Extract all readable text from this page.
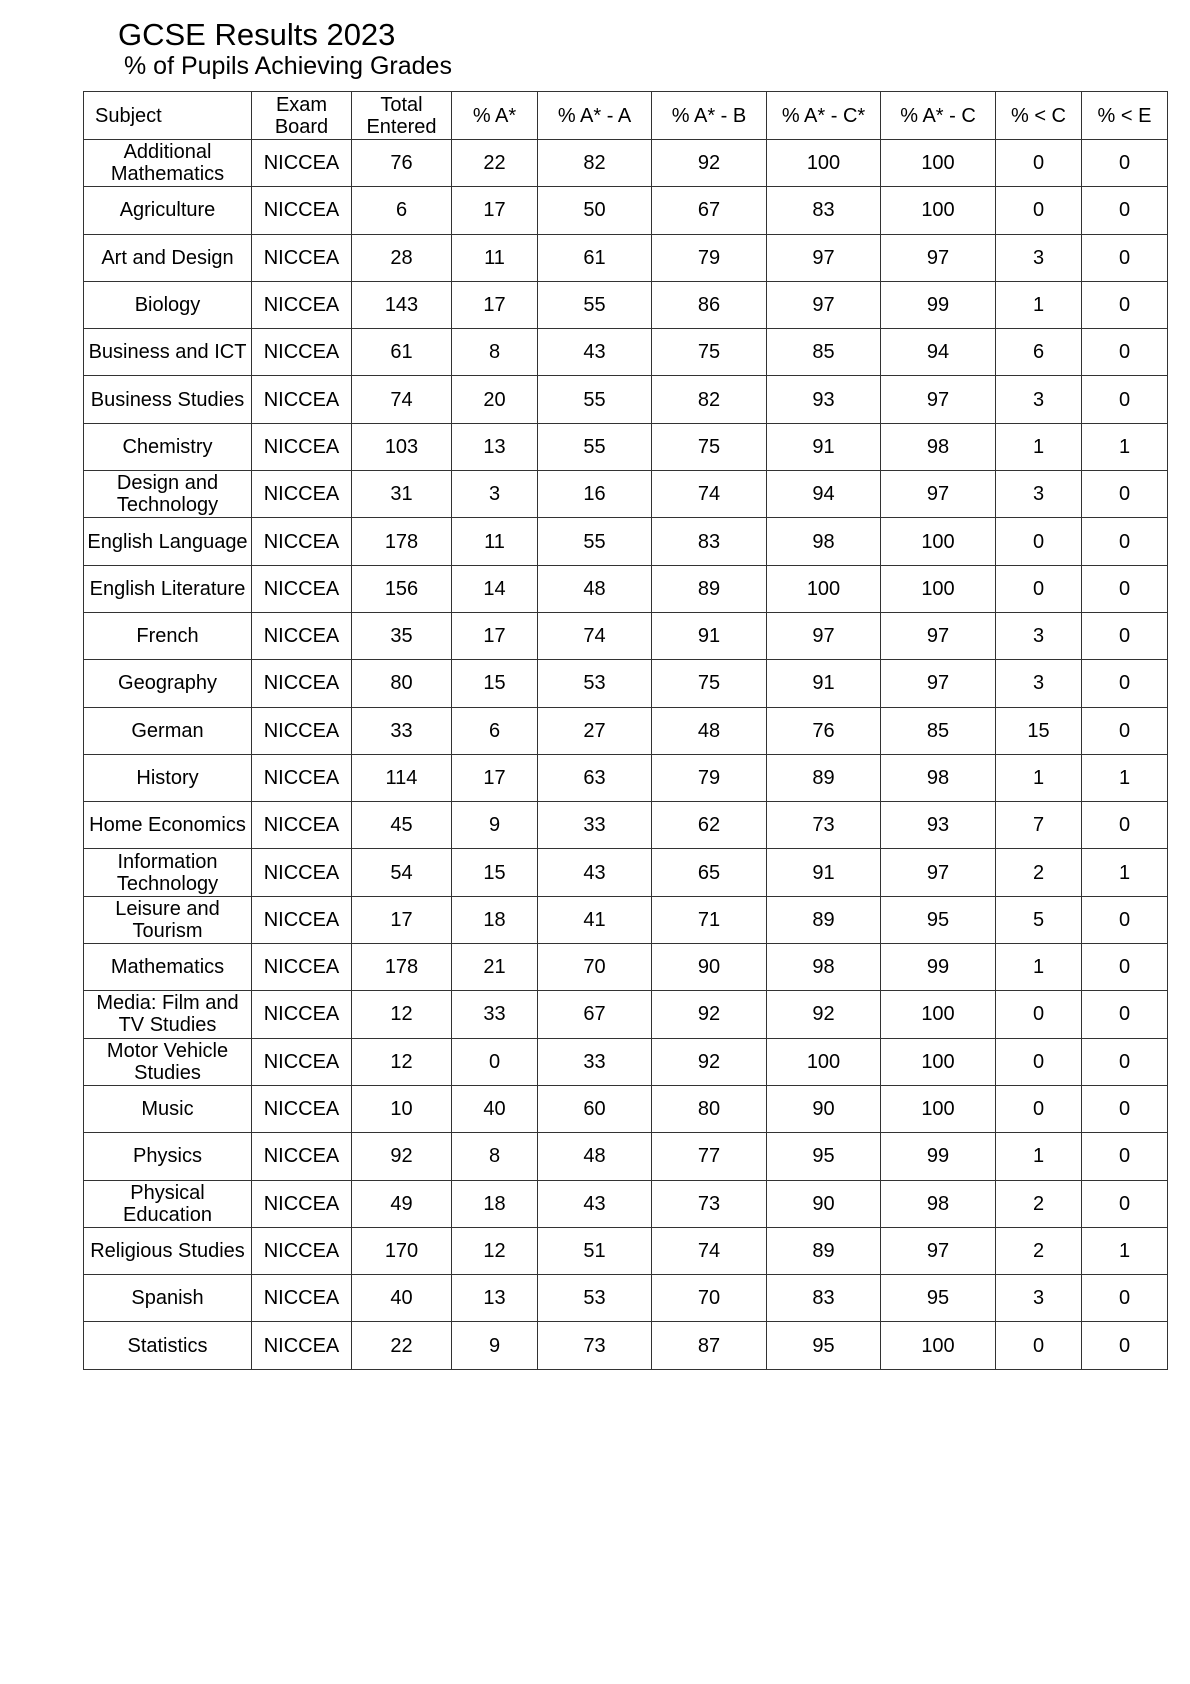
GCSE Results 2023
% of Pupils Achieving Grades
Subject	Exam Board	Total Entered	% A*	% A* - A	% A* - B	% A* - C*	% A* - C	% < C	% < E
Additional Mathematics	NICCEA	76	22	82	92	100	100	0	0
Agriculture	NICCEA	6	17	50	67	83	100	0	0
Art and Design	NICCEA	28	11	61	79	97	97	3	0
Biology	NICCEA	143	17	55	86	97	99	1	0
Business and ICT	NICCEA	61	8	43	75	85	94	6	0
Business Studies	NICCEA	74	20	55	82	93	97	3	0
Chemistry	NICCEA	103	13	55	75	91	98	1	1
Design and Technology	NICCEA	31	3	16	74	94	97	3	0
English Language	NICCEA	178	11	55	83	98	100	0	0
English Literature	NICCEA	156	14	48	89	100	100	0	0
French	NICCEA	35	17	74	91	97	97	3	0
Geography	NICCEA	80	15	53	75	91	97	3	0
German	NICCEA	33	6	27	48	76	85	15	0
History	NICCEA	114	17	63	79	89	98	1	1
Home Economics	NICCEA	45	9	33	62	73	93	7	0
Information Technology	NICCEA	54	15	43	65	91	97	2	1
Leisure and Tourism	NICCEA	17	18	41	71	89	95	5	0
Mathematics	NICCEA	178	21	70	90	98	99	1	0
Media: Film and TV Studies	NICCEA	12	33	67	92	92	100	0	0
Motor Vehicle Studies	NICCEA	12	0	33	92	100	100	0	0
Music	NICCEA	10	40	60	80	90	100	0	0
Physics	NICCEA	92	8	48	77	95	99	1	0
Physical Education	NICCEA	49	18	43	73	90	98	2	0
Religious Studies	NICCEA	170	12	51	74	89	97	2	1
Spanish	NICCEA	40	13	53	70	83	95	3	0
Statistics	NICCEA	22	9	73	87	95	100	0	0
